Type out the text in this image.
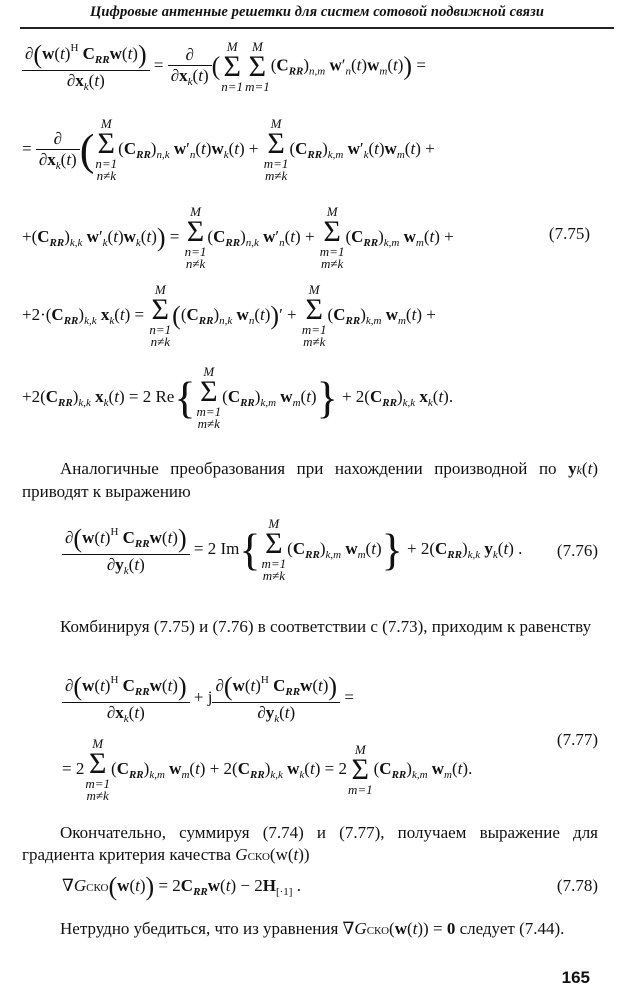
Цифровые антенные решетки для систем сотовой подвижной связи
$\frac{\partial(w(t)^H C_{RR}w(t))}{\partial x_k(t)} = \frac{\partial}{\partial x_k(t)}$ (
M
Σ
n=1
M
Σ
m=1
$(C_{RR})_{n,m}$ $w'_n(t)w_m(t)$) =
= $\frac{\partial}{\partial x_k(t)}$ (
M
Σ
n=1
n≠k
$(C_{RR})_{n,k}$ $w'_n(t)w_k(t)$ +
M
Σ
m=1
m≠k
$(C_{RR})_{k,m}$ $w'_k(t)w_m(t)$ +
$+(C_{RR})_{k,k}$ $w'_k(t)w_k(t)$) =
M
Σ
n=1
n≠k
$(C_{RR})_{n,k}$ $w'_n(t)$ +
M
Σ
m=1
m≠k
$(C_{RR})_{k,m}$ $w_m(t)$ +	(7.75)
$+2\cdot(C_{RR})_{k,k}$ $x_k(t)$ =
M
Σ
n=1
n≠k
($(C_{RR})_{n,k}$ $w_n(t))'$ +
M
Σ
m=1
m≠k
$(C_{RR})_{k,m}$ $w_m(t)$ +
$+2(C_{RR})_{k,k}$ $x_k(t) = 2$ Re{
M
Σ
m=1
m≠k
$(C_{RR})_{k,m}$ $w_m(t)\} + 2(C_{RR})_{k,k}$ $x_k(t)$.
Аналогичные преобразования при нахождении производной по yk(t) приводят к выражению
$\frac{\partial(w(t)^H C_{RR}w(t))}{\partial y_k(t)} = 2$ Im{
M
Σ
m=1
m≠k
$(C_{RR})_{k,m}$ $w_m(t)\} + 2(C_{RR})_{k,k}$ $y_k(t)$ .	(7.76)
Комбинируя (7.75) и (7.76) в соответствии с (7.73), приходим к равенству
$\frac{\partial(w(t)^H C_{RR}w(t))}{\partial x_k(t)} + j \frac{\partial(w(t)^H C_{RR}w(t))}{\partial y_k(t)}$ =
= 2
M
Σ
m=1
m≠k
$(C_{RR})_{k,m}$ $w_m(t) + 2(C_{RR})_{k,k}$ $w_k(t) = 2$
M
Σ
m=1
$(C_{RR})_{k,m}$ $w_m(t)$.
(7.77)
Окончательно, суммируя (7.74) и (7.77), получаем выражение для градиента критерия качества GСКО(w(t))
∇GСКО(w(t)) = $2C_{RR}w(t) - 2H_{[\cdot 1]}$ .	(7.78)
Нетрудно убедиться, что из уравнения ∇GСКО(w(t)) = 0 следует (7.44).
165
